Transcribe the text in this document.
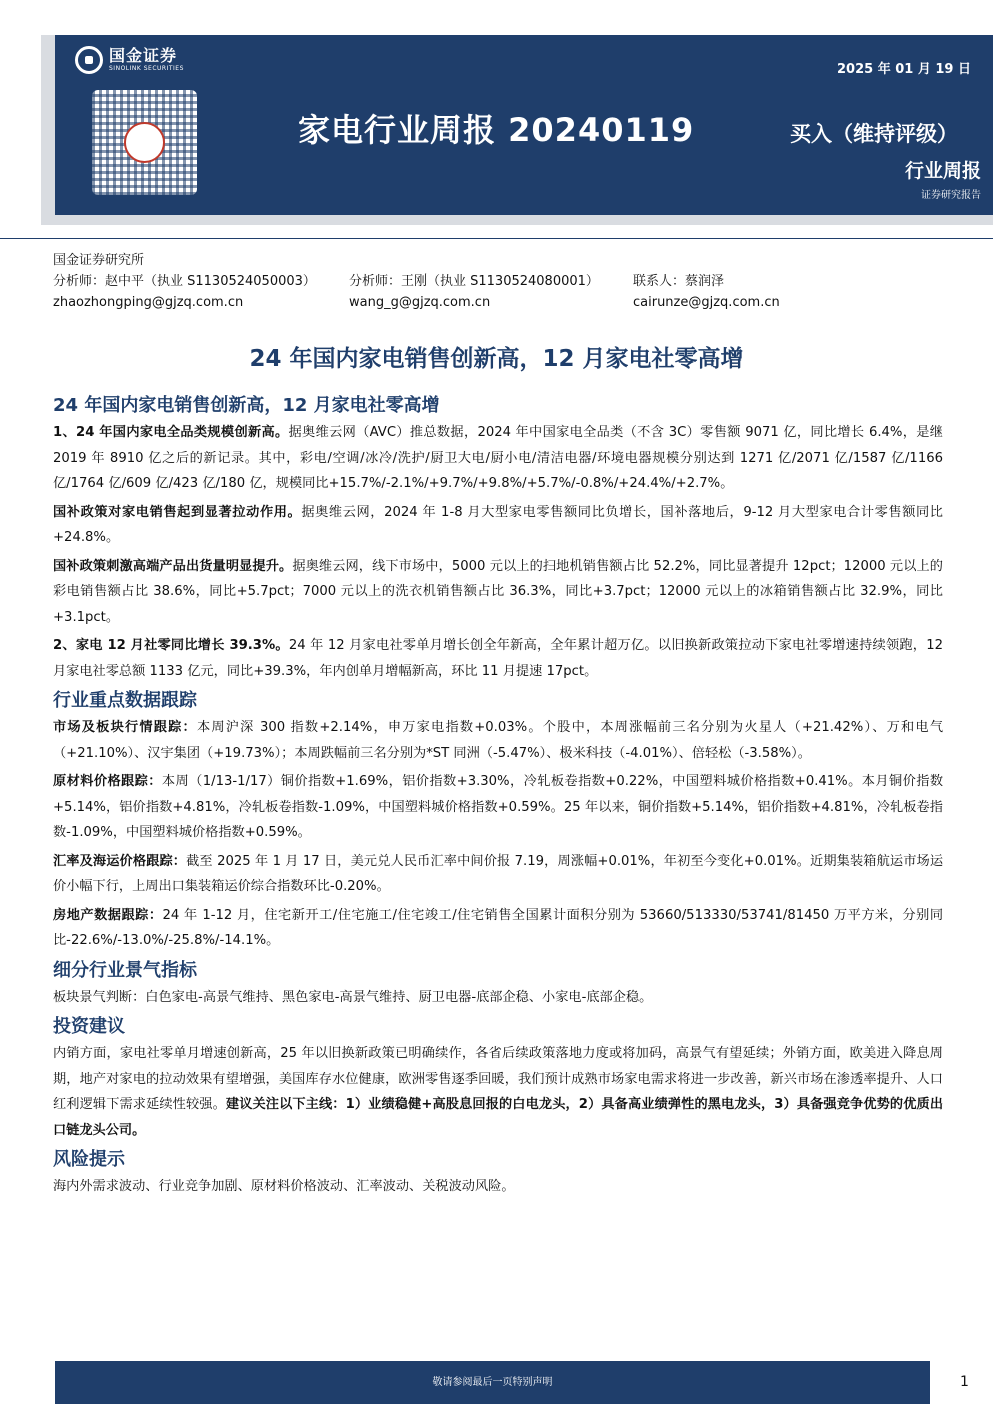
国金证券
SINOLINK SECURITIES	2025 年 01 月 19 日
家电行业周报 20240119	买入（维持评级）
行业周报
证券研究报告
国金证券研究所
分析师：赵中平（执业 S1130524050003）	分析师：王刚（执业 S1130524080001）	联系人：蔡润泽
zhaozhongping@gjzq.com.cn	wang_g@gjzq.com.cn	cairunze@gjzq.com.cn
24 年国内家电销售创新高，12 月家电社零高增
24 年国内家电销售创新高，12 月家电社零高增

1、24 年国内家电全品类规模创新高。据奥维云网（AVC）推总数据，2024 年中国家电全品类（不含 3C）零售额 9071 亿，同比增长 6.4%，是继 2019 年 8910 亿之后的新记录。其中，彩电/空调/冰冷/洗护/厨卫大电/厨小电/清洁电器/环境电器规模分别达到 1271 亿/2071 亿/1587 亿/1166 亿/1764 亿/609 亿/423 亿/180 亿，规模同比+15.7%/-2.1%/+9.7%/+9.8%/+5.7%/-0.8%/+24.4%/+2.7%。

国补政策对家电销售起到显著拉动作用。据奥维云网，2024 年 1-8 月大型家电零售额同比负增长，国补落地后，9-12 月大型家电合计零售额同比+24.8%。

国补政策刺激高端产品出货量明显提升。据奥维云网，线下市场中，5000 元以上的扫地机销售额占比 52.2%，同比显著提升 12pct；12000 元以上的彩电销售额占比 38.6%，同比+5.7pct；7000 元以上的洗衣机销售额占比 36.3%，同比+3.7pct；12000 元以上的冰箱销售额占比 32.9%，同比+3.1pct。

2、家电 12 月社零同比增长 39.3%。24 年 12 月家电社零单月增长创全年新高，全年累计超万亿。以旧换新政策拉动下家电社零增速持续领跑，12 月家电社零总额 1133 亿元，同比+39.3%，年内创单月增幅新高，环比 11 月提速 17pct。

行业重点数据跟踪

市场及板块行情跟踪：本周沪深 300 指数+2.14%，申万家电指数+0.03%。个股中，本周涨幅前三名分别为火星人（+21.42%）、万和电气（+21.10%）、汉宇集团（+19.73%）；本周跌幅前三名分别为*ST 同洲（-5.47%）、极米科技（-4.01%）、倍轻松（-3.58%）。

原材料价格跟踪：本周（1/13-1/17）铜价指数+1.69%，铝价指数+3.30%，冷轧板卷指数+0.22%，中国塑料城价格指数+0.41%。本月铜价指数+5.14%，铝价指数+4.81%，冷轧板卷指数-1.09%，中国塑料城价格指数+0.59%。25 年以来，铜价指数+5.14%，铝价指数+4.81%，冷轧板卷指数-1.09%，中国塑料城价格指数+0.59%。

汇率及海运价格跟踪：截至 2025 年 1 月 17 日，美元兑人民币汇率中间价报 7.19，周涨幅+0.01%，年初至今变化+0.01%。近期集装箱航运市场运价小幅下行，上周出口集装箱运价综合指数环比-0.20%。

房地产数据跟踪：24 年 1-12 月，住宅新开工/住宅施工/住宅竣工/住宅销售全国累计面积分别为 53660/513330/53741/81450 万平方米，分别同比-22.6%/-13.0%/-25.8%/-14.1%。

细分行业景气指标

板块景气判断：白色家电-高景气维持、黑色家电-高景气维持、厨卫电器-底部企稳、小家电-底部企稳。

投资建议

内销方面，家电社零单月增速创新高，25 年以旧换新政策已明确续作，各省后续政策落地力度或将加码，高景气有望延续；外销方面，欧美进入降息周期，地产对家电的拉动效果有望增强，美国库存水位健康，欧洲零售逐季回暖，我们预计成熟市场家电需求将进一步改善，新兴市场在渗透率提升、人口红利逻辑下需求延续性较强。建议关注以下主线：1）业绩稳健+高股息回报的白电龙头，2）具备高业绩弹性的黑电龙头，3）具备强竞争优势的优质出口链龙头公司。

风险提示

海内外需求波动、行业竞争加剧、原材料价格波动、汇率波动、关税波动风险。

敬请参阅最后一页特别声明	1
